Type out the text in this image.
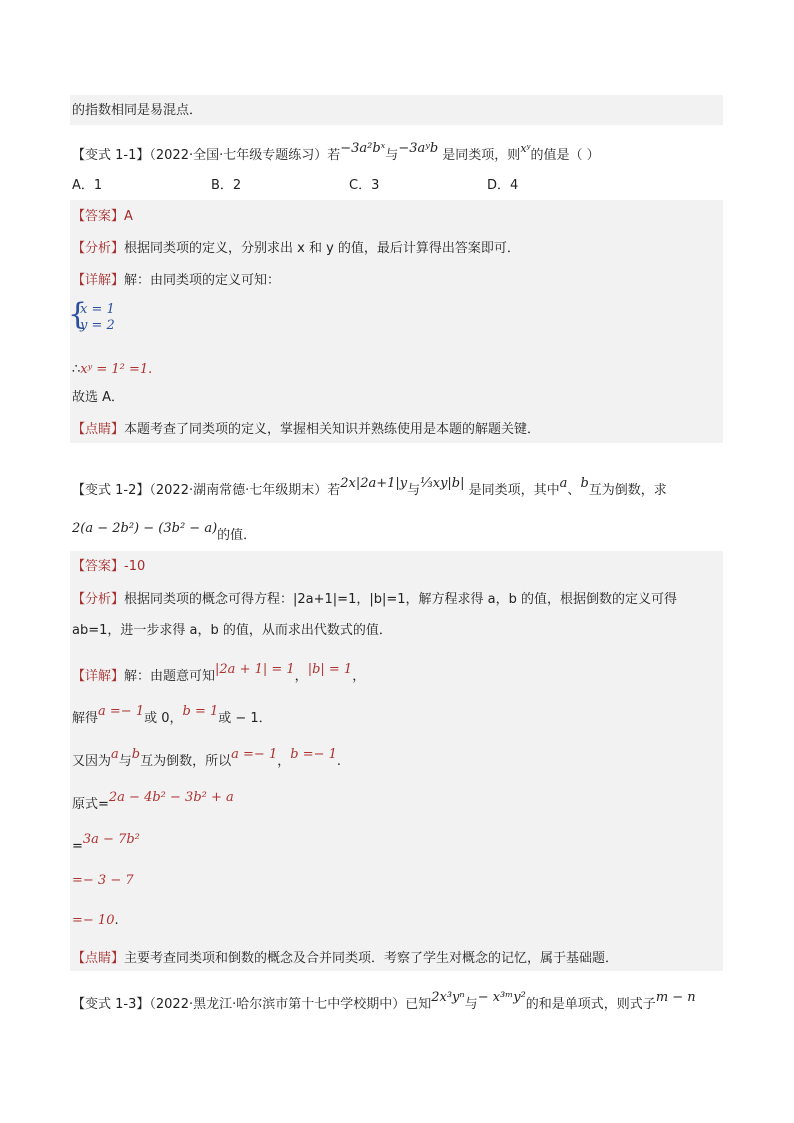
的指数相同是易混点．
【变式 1-1】（2022·全国·七年级专题练习）若−3a²bˣ与−3aʸb 是同类项，则$^{xʸ}$的值是（ ）
A．1	B．2	C．3	D．4
【答案】A
【分析】根据同类项的定义，分别求出 x 和 y 的值，最后计算得出答案即可．
【详解】解：由同类项的定义可知：
{
x = 1
y = 2
∴xʸ = 1² =1.
故选 A．
【点睛】本题考查了同类项的定义，掌握相关知识并熟练使用是本题的解题关键．
【变式 1-2】（2022·湖南常德·七年级期末）若2x|2a+1|y与⅓xy|b| 是同类项，其中a、b互为倒数，求
2(a − 2b²) − (3b² − a)的值．
【答案】-10
【分析】根据同类项的概念可得方程：|2a+1|=1，|b|=1，解方程求得 a，b 的值，根据倒数的定义可得
ab=1，进一步求得 a，b 的值，从而求出代数式的值．
【详解】解：由题意可知|2a + 1| = 1，|b| = 1，
解得a =− 1或 0，b = 1或 − 1．
又因为a与b互为倒数，所以a =− 1，b =− 1.
原式=2a − 4b² − 3b² + a
=3a − 7b²
=− 3 − 7
=− 10.
【点睛】主要考查同类项和倒数的概念及合并同类项．考察了学生对概念的记忆，属于基础题．
【变式 1-3】（2022·黑龙江·哈尔滨市第十七中学校期中）已知2x³yⁿ与− x³ᵐy²的和是单项式，则式子m − n
